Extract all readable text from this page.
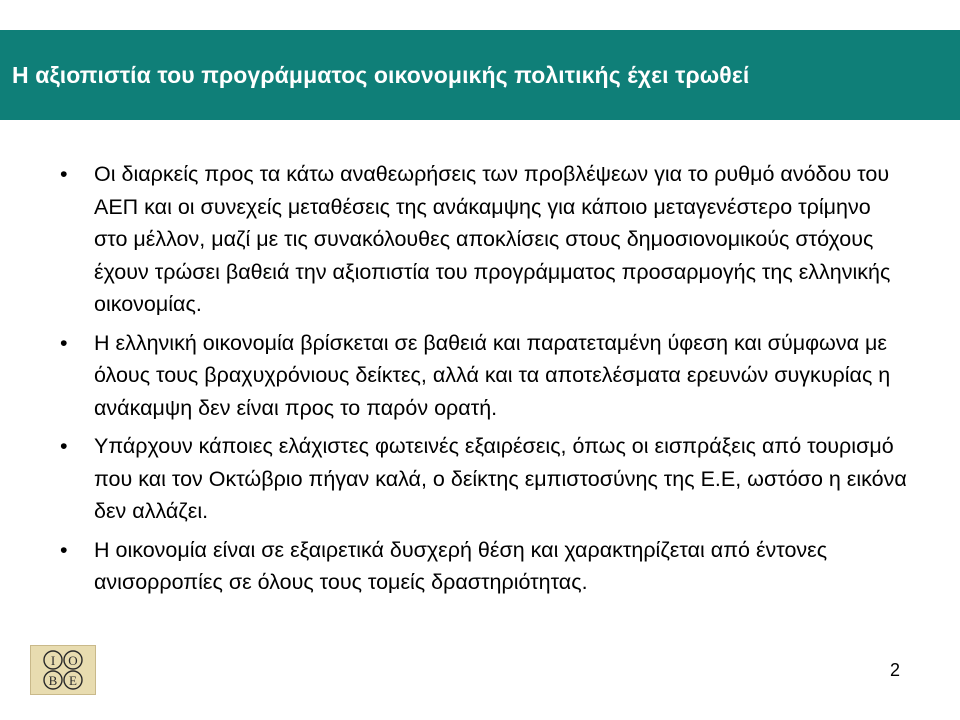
Η αξιοπιστία του προγράμματος οικονομικής πολιτικής έχει τρωθεί
•	Οι διαρκείς προς τα κάτω αναθεωρήσεις των προβλέψεων για το ρυθμό ανόδου του ΑΕΠ και οι συνεχείς μεταθέσεις της ανάκαμψης για κάποιο μεταγενέστερο τρίμηνο στο μέλλον, μαζί με τις συνακόλουθες αποκλίσεις στους δημοσιονομικούς στόχους έχουν τρώσει βαθειά την αξιοπιστία του προγράμματος προσαρμογής της ελληνικής οικονομίας.
•	Η ελληνική οικονομία βρίσκεται σε βαθειά και παρατεταμένη ύφεση και σύμφωνα με όλους τους βραχυχρόνιους δείκτες, αλλά και τα αποτελέσματα ερευνών συγκυρίας η ανάκαμψη δεν είναι προς το παρόν ορατή.
•	Υπάρχουν κάποιες ελάχιστες φωτεινές εξαιρέσεις, όπως οι εισπράξεις από τουρισμό που και τον Οκτώβριο πήγαν καλά, ο δείκτης εμπιστοσύνης της Ε.Ε, ωστόσο η εικόνα δεν αλλάζει.
•	Η οικονομία είναι σε εξαιρετικά δυσχερή θέση και χαρακτηρίζεται από έντονες ανισορροπίες σε όλους τους τομείς δραστηριότητας.
Ι Ο
Β Ε
2
